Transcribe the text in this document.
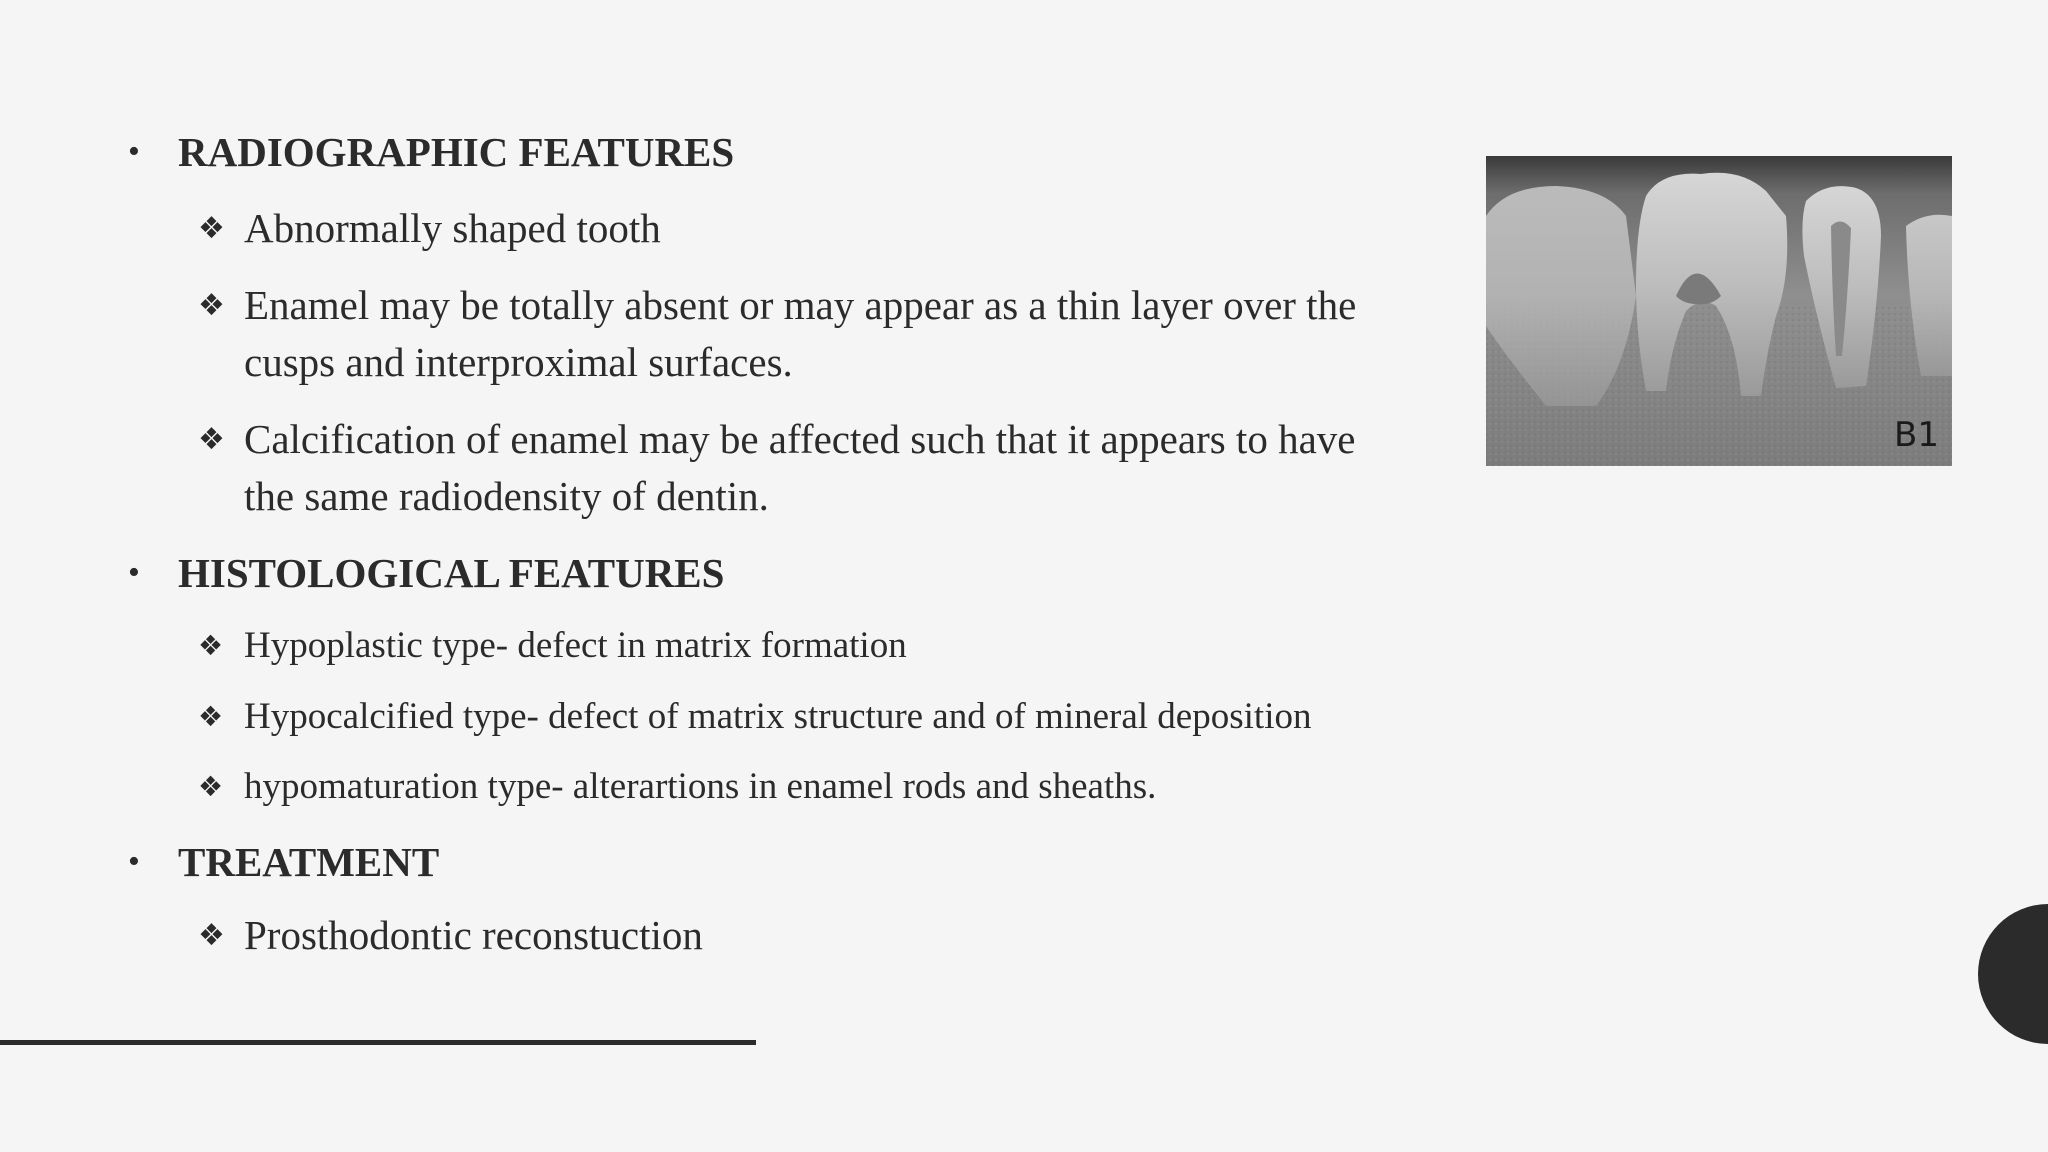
• RADIOGRAPHIC FEATURES
❖ Abnormally shaped tooth
❖ Enamel may be totally absent or may appear as a thin layer over the cusps and interproximal surfaces.
❖ Calcification of enamel may be affected such that it appears to have the same radiodensity of dentin.
• HISTOLOGICAL FEATURES
❖ Hypoplastic type- defect in matrix formation
❖ Hypocalcified type- defect of matrix structure and of mineral deposition
❖ hypomaturation type- alterartions in enamel rods and sheaths.
• TREATMENT
❖ Prosthodontic reconstuction
B1
